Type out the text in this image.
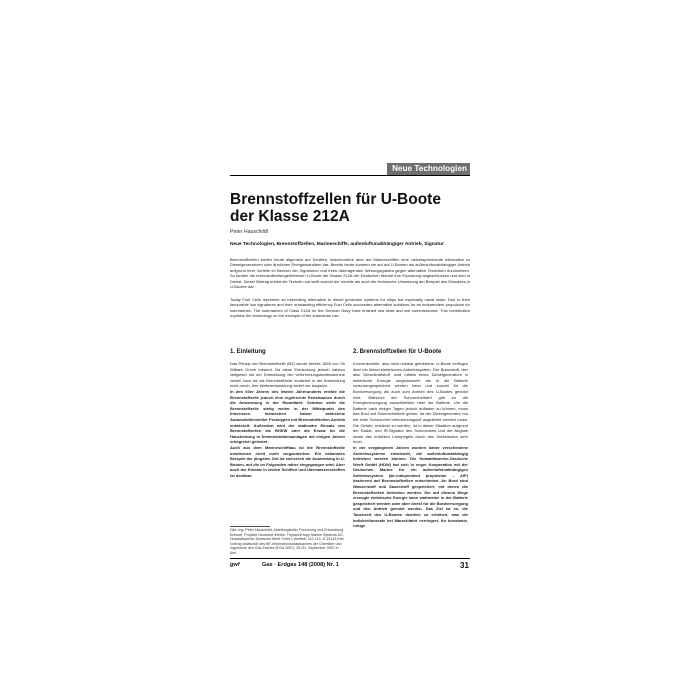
Neue Technologien
Brennstoffzellen für U-Boote
der Klasse 212A
Peter Hauschildt
Neue Technologien, Brennstoffzellen, Marineschiffe, außenluftunabhängiger Antrieb, Signatur
Brennstoffzellen stellen heute allgemein auf Schiffen, insbesondere aber auf Marineschiffen eine vielversprechende Alternative zu Dieselgeneratoren oder ähnlichen Energiewandlern dar. Bereits heute konnten sie auf auf U-Booten als außenluftunabhängiger Antrieb aufgrund ihrer Vorteile im Bereich der Signaturen und ihres überragenden Wirkungsgrades gegen alternative Techniken durchsetzen. So fanden die brennstoffzellengetriebenen U-Boote der Klasse 212A der Deutschen Marine ihre Erprobung abgeschlossen und sind in Dienst. Dieser Beitrag erklärt die Technik und stellt sowohl die Vorteile als auch die technische Umsetzung am Beispiel des Einsatzes in U-Booten dar.
Today Fuel Cells represent an interesting alternative to diesel generator systems for ships but especially naval ships. Due to their favourable low signatures and their outstanding efficiency Fuel Cells succeeded alternative solutions for air independent propulsion for submarines. The submarines of Class 212A for the German Navy have finished sea trials and are commissioned. This contribution explains the technology on the example of the submarine use.
1. Einleitung

Das Prinzip der Brennstoffzelle (BZ) wurde bereits 1839 von Sir William Grove erkannt. Da diese Entdeckung jedoch nahezu zeitgleich mit der Entwicklung der Verbrennungskraftmaschine verlief, kam sie als Brennstoffzelle zunächst in der Anwendung nicht durch, ihre Weiterentwicklung verlief nur langsam.

In den 60er Jahren des letzten Jahrhunderts erlebte die Brennstoffzelle jedoch eine regelrechte Renaissance durch die Anwendung in der Raumfahrt. Seitdem steht die Brennstoffzelle stetig weiter in der Mittelpunkt des Interesses. Inzwischen haben zahlreiche Automobilhersteller Prototypen mit Brennstoffzellen-Antrieb entwickelt. Außerdem wird der stationäre Einsatz von Brennstoffzellen als BHKW oder als Ersatz für die Hausheizung in Demonstrationsanlagen mit einigen Jahren erfolgreich getestet.

Auch aus dem Marineschiffbau ist die Brennstoffzelle inzwischen nicht mehr wegzudenken. Ein bekanntes Beispiel der jüngsten Zeit ist sicherlich die Anwendung in U-Booten, auf die im Folgenden näher eingegangen wird. Aber auch der Einsatz in zivilen Schiffen und Überwasserschiffen ist denkbar.

2. Brennstoffzellen für U-Boote

Konventionelle, also nicht nuklear getriebene, U-Boote verfügen über ein diesel-elektrisches Antriebssystem. Der Brennstoff, hier also Dieselkraftstoff, wird mittels eines Dieselgenerators in elektrische Energie umgewandelt, die in die Batterie zwischengespeichert werden kann und sowohl für die Bordversorgung als auch zum Antrieb des U-Bootes genutzt wird. Während der Schnorchelfahrt gibt es die Energieversorgung ausschließlich über die Batterie. Um die Batterie nach einiger Tagen jedoch aufladen zu können, muss das Boot auf Schnorcheltiefe gehen, da der Dieselgenerator nur mit einer Schnorchel-Verbrennungsluft angeliefert werden muss. Die Gefahr, entdeckt zu werden, ist in dieser Situation aufgrund der Radar- und IR-Signatur des Schnorchels und der Abgase sowie des erhöhten Lärmpegels durch den Dieselmotor sehr hoch.

In der vergangenen Jahren wurden daher verschiedene Antriebssysteme entwickelt, die außenluftunabhängig betrieben werden können. Die Howaldtswerke-Deutsche Werft GmbH (HDW) hat sich in enger Kooperation mit der Deutschen Marine für ein außenluftunabhängiges Antriebssystem (air-independent propulsion – AIP) basierend auf Brennstoffzellen entschieden. An Bord sind Wasserstoff und Sauerstoff gespeichert, mit denen die Brennstoffzellen betrieben werden. Die auf diesem Wege erzeugte elektrische Energie kann wahlweise in der Batterie gespeichert werden oder aber direkt für die Bordversorgung und den Antrieb genutzt werden. Das Ziel ist es, die Tauchzeit des U-Bootes deutlich zu erhöhen, was die Indiskretionsrate bei Marschfahrt verringert, für konstante, ruhige

Dipl.-Ing. Peter Hauschildt, Abteilungsleiter Forschung und Entwicklung Entwurf, Projekte Deutsche Werke, ThyssenKrupp Marine Systems AG, Howaldtswerke-Deutsche Werft GmbH, Werftstr. 112-114, D-24143 Kiel. Vortrag anlässlich des BF-Informationsaustausches der Chemiker und Ingenieure des Gas-Faches (EGA 2007), 20./21. September 2007 in Kiel.
gwf	Gas · Erdgas 148 (2008) Nr. 1	31
